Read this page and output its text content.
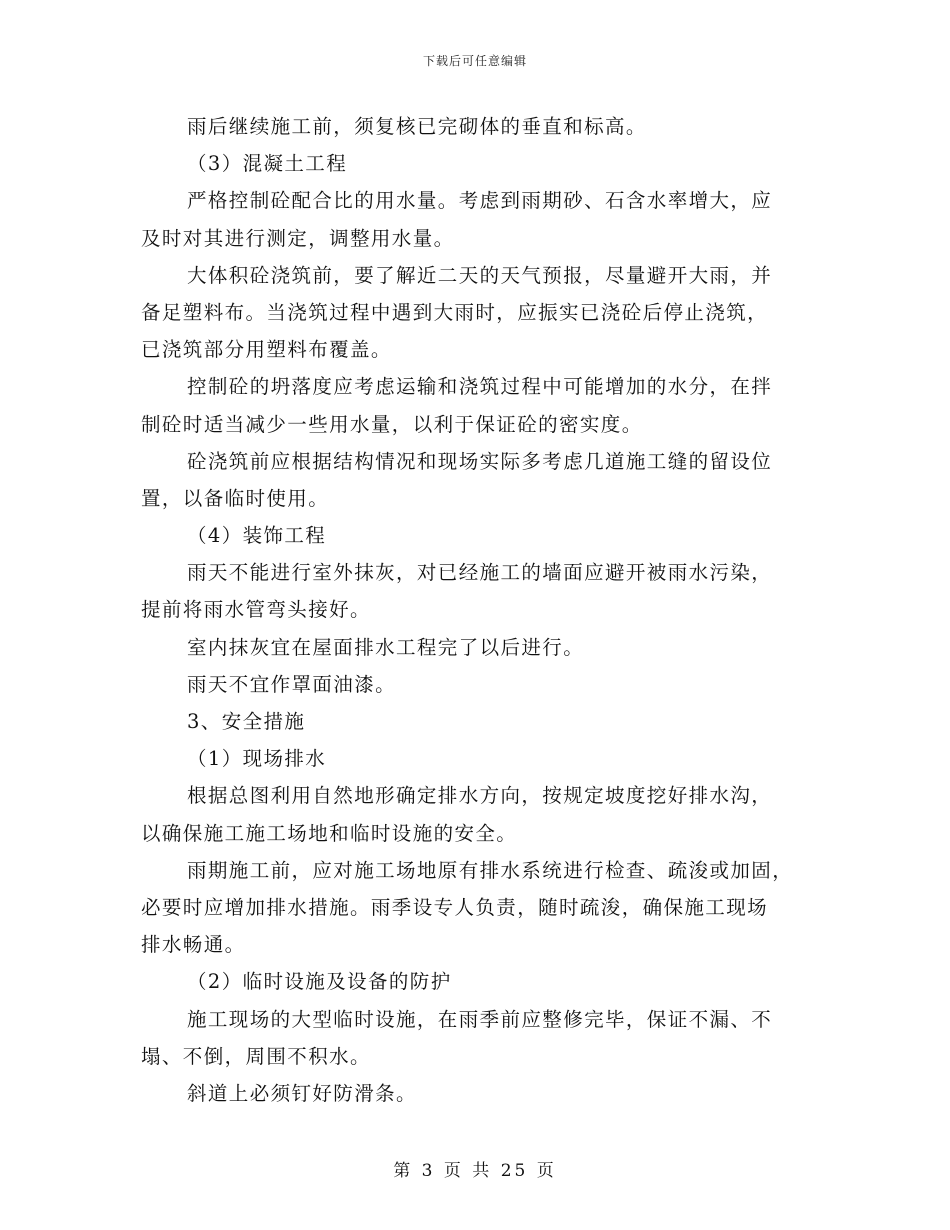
下载后可任意编辑
雨后继续施工前，须复核已完砌体的垂直和标高。
（3）混凝土工程
严格控制砼配合比的用水量。考虑到雨期砂、石含水率增大，应
及时对其进行测定，调整用水量。
大体积砼浇筑前，要了解近二天的天气预报，尽量避开大雨，并
备足塑料布。当浇筑过程中遇到大雨时，应振实已浇砼后停止浇筑，
已浇筑部分用塑料布覆盖。
控制砼的坍落度应考虑运输和浇筑过程中可能增加的水分，在拌
制砼时适当减少一些用水量，以利于保证砼的密实度。
砼浇筑前应根据结构情况和现场实际多考虑几道施工缝的留设位
置，以备临时使用。
（4）装饰工程
雨天不能进行室外抹灰，对已经施工的墙面应避开被雨水污染，
提前将雨水管弯头接好。
室内抹灰宜在屋面排水工程完了以后进行。
雨天不宜作罩面油漆。
3、安全措施
（1）现场排水
根据总图利用自然地形确定排水方向，按规定坡度挖好排水沟，
以确保施工施工场地和临时设施的安全。
雨期施工前，应对施工场地原有排水系统进行检查、疏浚或加固，
必要时应增加排水措施。雨季设专人负责，随时疏浚，确保施工现场
排水畅通。
（2）临时设施及设备的防护
施工现场的大型临时设施，在雨季前应整修完毕，保证不漏、不
塌、不倒，周围不积水。
斜道上必须钉好防滑条。
第 3 页 共 25 页
